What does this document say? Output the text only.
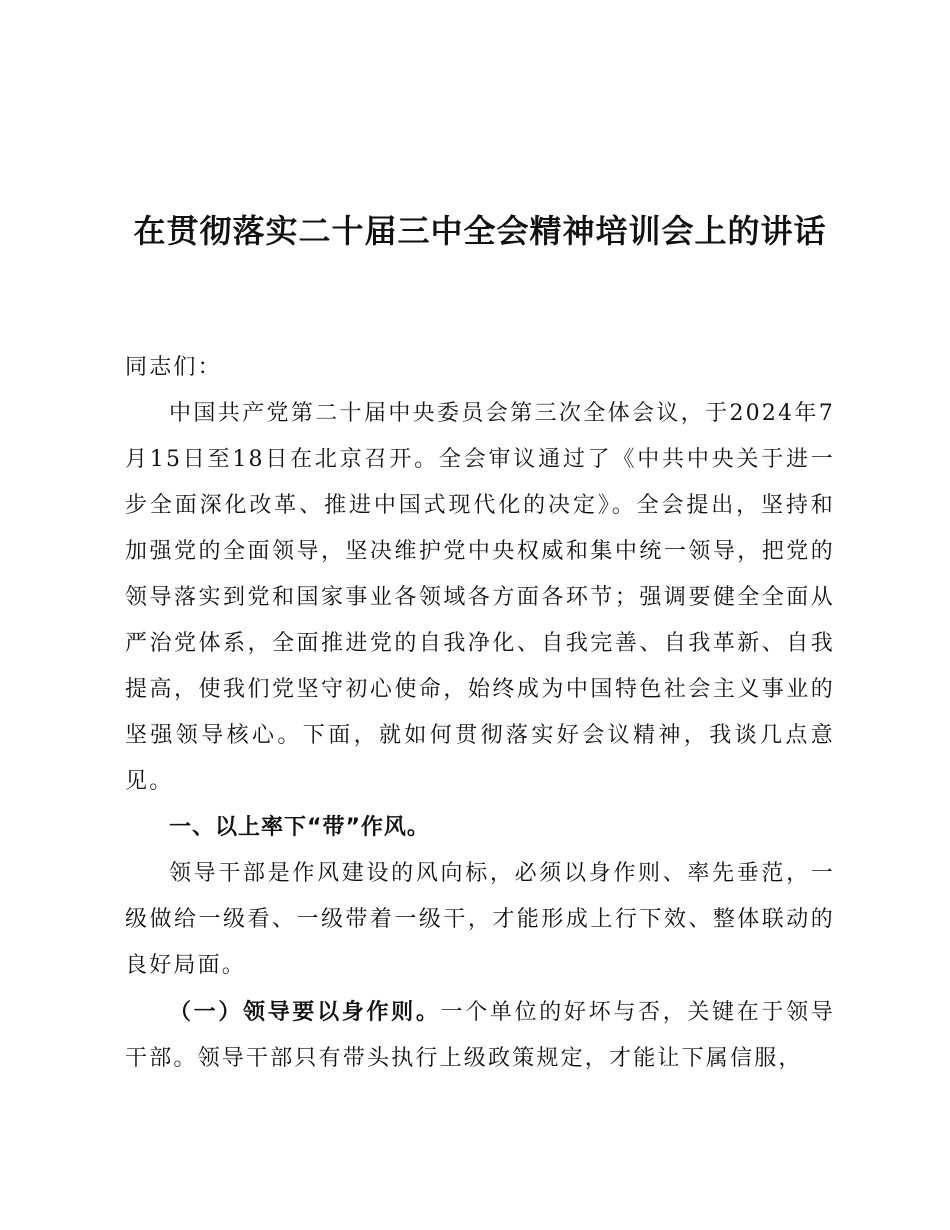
在贯彻落实二十届三中全会精神培训会上的讲话

同志们：

中国共产党第二十届中央委员会第三次全体会议，于2024年7月15日至18日在北京召开。全会审议通过了《中共中央关于进一步全面深化改革、推进中国式现代化的决定》。全会提出，坚持和加强党的全面领导，坚决维护党中央权威和集中统一领导，把党的领导落实到党和国家事业各领域各方面各环节；强调要健全全面从严治党体系，全面推进党的自我净化、自我完善、自我革新、自我提高，使我们党坚守初心使命，始终成为中国特色社会主义事业的坚强领导核心。下面，就如何贯彻落实好会议精神，我谈几点意见。

一、以上率下“带”作风。

领导干部是作风建设的风向标，必须以身作则、率先垂范，一级做给一级看、一级带着一级干，才能形成上行下效、整体联动的良好局面。

（一）领导要以身作则。一个单位的好坏与否，关键在于领导干部。领导干部只有带头执行上级政策规定，才能让下属信服，
